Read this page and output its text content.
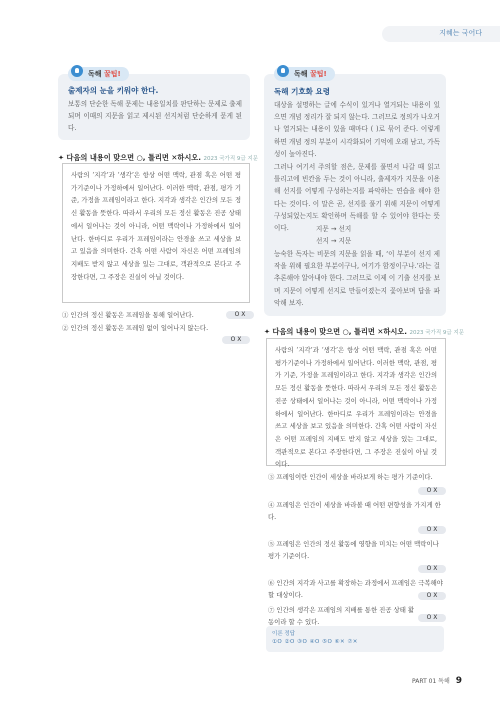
지혜는 국어다
독해 꿀팁!
출제자의 눈을 키워야 한다.
보통의 단순한 독해 문제는 내용일치를 판단하는 문제로 출제되며 이때의 지문을 읽고 제시된 선지처럼 단순하게 묻게 된다.
✦ 다음의 내용이 맞으면 ○, 틀리면 ✕하시오. 2023 국가직 9급 지문
사람의 ‘지각’과 ‘생각’은 항상 어떤 맥락, 관점 혹은 어떤 평가기준이나 가정하에서 일어난다. 이러한 맥락, 관점, 평가 기준, 가정을 프레임이라고 한다. 지각과 생각은 인간의 모든 정신 활동을 뜻한다. 따라서 우리의 모든 정신 활동은 진공 상태에서 일어나는 것이 아니라, 어떤 맥락이나 가정하에서 일어난다. 한마디로 우리가 프레임이라는 안경을 쓰고 세상을 보고 있음을 의미한다. 간혹 어떤 사람이 자신은 어떤 프레임의 지배도 받지 않고 세상을 있는 그대로, 객관적으로 본다고 주장한다면, 그 주장은 진실이 아닐 것이다.
① 인간의 정신 활동은 프레임을 통해 일어난다.	O X
② 인간의 정신 활동은 프레임 없이 일어나지 않는다.
O X
독해 꿀팁!
독해 기호화 요령
대상을 설명하는 글에 수식이 있거나 열거되는 내용이 있으면 개념 정리가 잘 되지 않는다. 그러므로 정의가 나오거나 열거되는 내용이 있을 때마다 ( )로 묶어 준다. 이렇게 하면 개념 정의 부분이 시각화되어 기억에 오래 남고, 가독성이 높아진다.
그러나 여기서 주의할 점은, 문제를 풀면서 나갈 때 읽고 틀리고에 빈칸을 두는 것이 아니라, 출제자가 지문을 이용해 선지를 어떻게 구성하는지를 파악하는 연습을 해야 한다는 것이다. 이 말은 곧, 선지를 풀기 위해 지문이 어떻게 구성되었는지도 확인하며 독해를 할 수 있어야 한다는 뜻이다.	지문 → 선지
선지 → 지문
능숙한 독자는 비문의 지문을 읽을 때, ‘이 부분이 선지 제작을 위해 필요한 부분이구나, 여기가 함정이구나.’라는 걸 추론해야 알아내야 한다. 그러므로 이제 이 기출 선지를 보며 지문이 어떻게 선지로 만들어졌는지 꽃아보며 답을 파악해 보자.
✦ 다음의 내용이 맞으면 ○, 틀리면 ✕하시오. 2023 국가직 9급 지문
사람의 ‘지각’과 ‘생각’은 항상 어떤 맥락, 관점 혹은 어떤 평가기준이나 가정하에서 일어난다. 이러한 맥락, 관점, 평가 기준, 가정을 프레임이라고 한다. 지각과 생각은 인간의 모든 정신 활동을 뜻한다. 따라서 우리의 모든 정신 활동은 진공 상태에서 일어나는 것이 아니라, 어떤 맥락이나 가정하에서 일어난다. 한마디로 우리가 프레임이라는 안경을 쓰고 세상을 보고 있음을 의미한다. 간혹 어떤 사람이 자신은 어떤 프레임의 지배도 받지 않고 세상을 있는 그대로, 객관적으로 본다고 주장한다면, 그 주장은 진실이 아닐 것이다.
③ 프레임이란 인간이 세상을 바라보게 하는 평가 기준이다.
O X
④ 프레임은 인간이 세상을 바라볼 때 어떤 편향성을 가지게 한다.
O X
⑤ 프레임은 인간의 정신 활동에 영향을 미치는 어떤 맥락이나 평가 기준이다.
O X
⑥ 인간의 지각과 사고를 확장하는 과정에서 프레임은 극복해야 할 대상이다.	O X
⑦ 인간의 생각은 프레임의 지배를 통한 진공 상태 활동이라 할 수 있다.
O X
이론 정답
①O ②O ③O ④O ⑤O ⑥✕ ⑦✕
PART 01 독해 9
